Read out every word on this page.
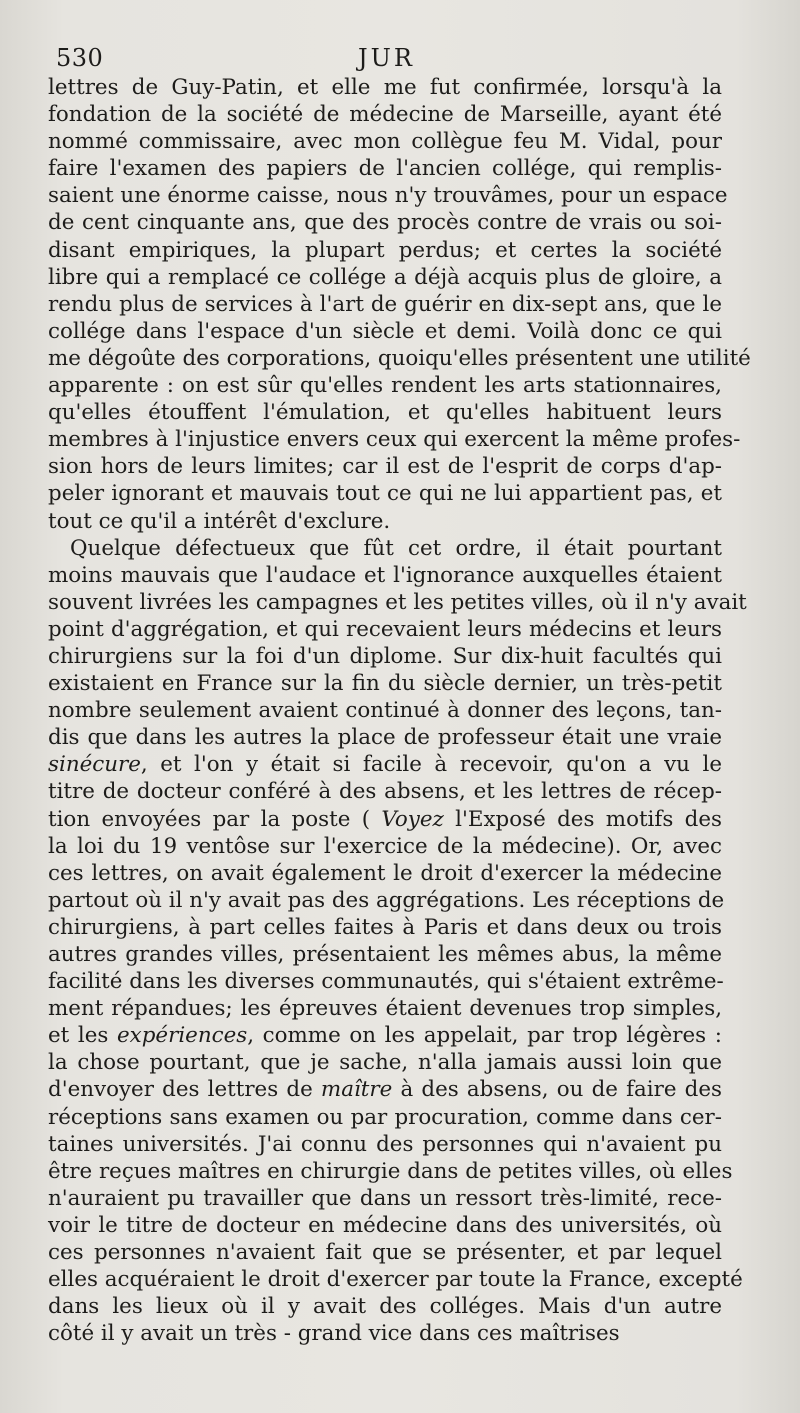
530	JUR
lettres de Guy-Patin, et elle me fut confirmée, lorsqu'à la
fondation de la société de médecine de Marseille, ayant été
nommé commissaire, avec mon collègue feu M. Vidal, pour
faire l'examen des papiers de l'ancien collége, qui remplis-
saient une énorme caisse, nous n'y trouvâmes, pour un espace
de cent cinquante ans, que des procès contre de vrais ou soi-
disant empiriques, la plupart perdus; et certes la société
libre qui a remplacé ce collége a déjà acquis plus de gloire, a
rendu plus de services à l'art de guérir en dix-sept ans, que le
collége dans l'espace d'un siècle et demi. Voilà donc ce qui
me dégoûte des corporations, quoiqu'elles présentent une utilité
apparente : on est sûr qu'elles rendent les arts stationnaires,
qu'elles étouffent l'émulation, et qu'elles habituent leurs
membres à l'injustice envers ceux qui exercent la même profes-
sion hors de leurs limites; car il est de l'esprit de corps d'ap-
peler ignorant et mauvais tout ce qui ne lui appartient pas, et
tout ce qu'il a intérêt d'exclure.
Quelque défectueux que fût cet ordre, il était pourtant
moins mauvais que l'audace et l'ignorance auxquelles étaient
souvent livrées les campagnes et les petites villes, où il n'y avait
point d'aggrégation, et qui recevaient leurs médecins et leurs
chirurgiens sur la foi d'un diplome. Sur dix-huit facultés qui
existaient en France sur la fin du siècle dernier, un très-petit
nombre seulement avaient continué à donner des leçons, tan-
dis que dans les autres la place de professeur était une vraie
sinécure, et l'on y était si facile à recevoir, qu'on a vu le
titre de docteur conféré à des absens, et les lettres de récep-
tion envoyées par la poste ( Voyez l'Exposé des motifs des
la loi du 19 ventôse sur l'exercice de la médecine). Or, avec
ces lettres, on avait également le droit d'exercer la médecine
partout où il n'y avait pas des aggrégations. Les réceptions de
chirurgiens, à part celles faites à Paris et dans deux ou trois
autres grandes villes, présentaient les mêmes abus, la même
facilité dans les diverses communautés, qui s'étaient extrême-
ment répandues; les épreuves étaient devenues trop simples,
et les expériences, comme on les appelait, par trop légères :
la chose pourtant, que je sache, n'alla jamais aussi loin que
d'envoyer des lettres de maître à des absens, ou de faire des
réceptions sans examen ou par procuration, comme dans cer-
taines universités. J'ai connu des personnes qui n'avaient pu
être reçues maîtres en chirurgie dans de petites villes, où elles
n'auraient pu travailler que dans un ressort très-limité, rece-
voir le titre de docteur en médecine dans des universités, où
ces personnes n'avaient fait que se présenter, et par lequel
elles acquéraient le droit d'exercer par toute la France, excepté
dans les lieux où il y avait des colléges. Mais d'un autre
côté il y avait un très - grand vice dans ces maîtrises
